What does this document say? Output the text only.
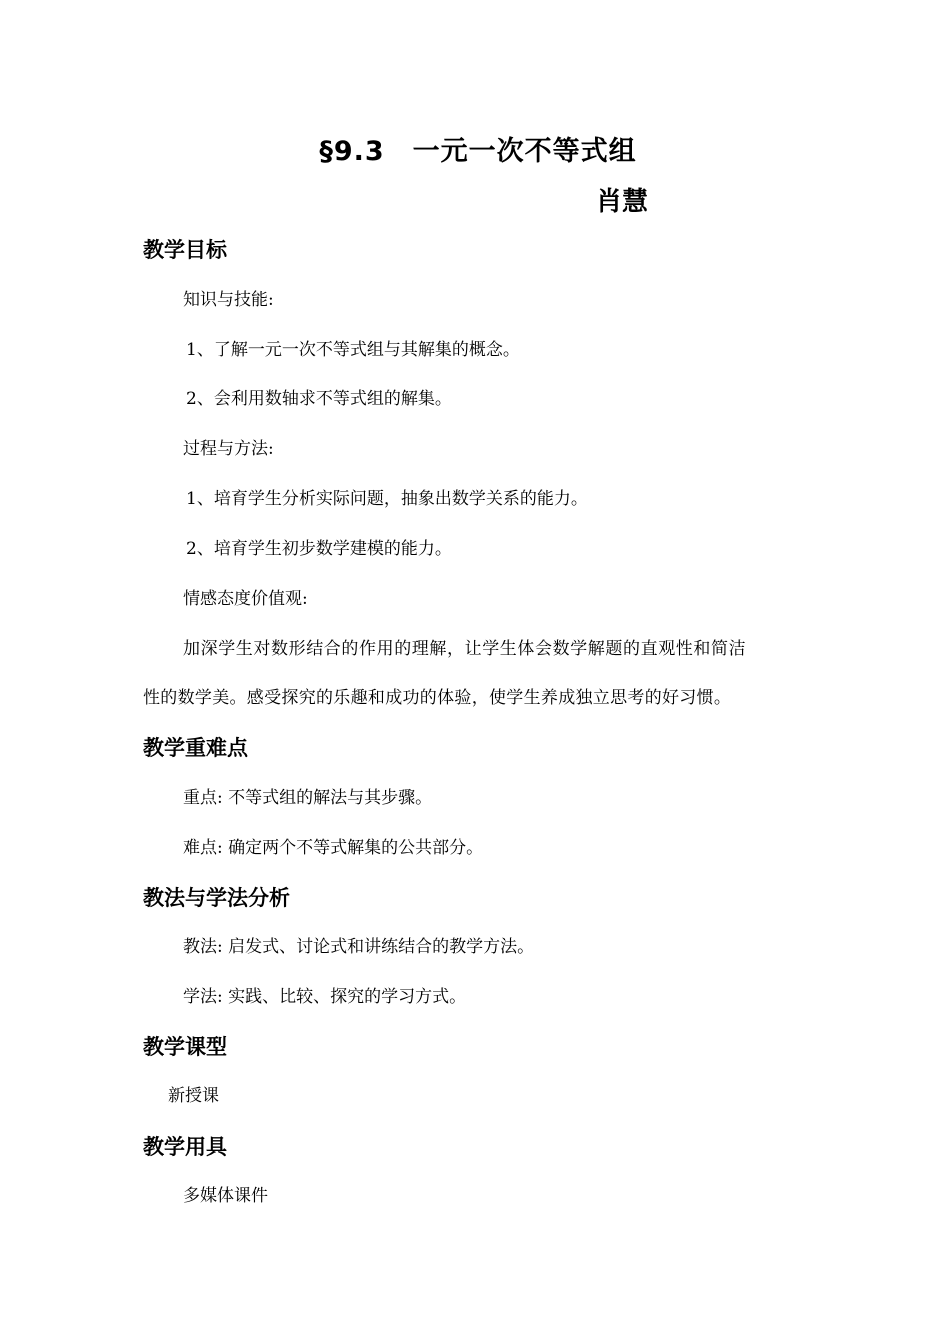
§9.3　一元一次不等式组
肖慧
教学目标
知识与技能:
1、了解一元一次不等式组与其解集的概念。
2、会利用数轴求不等式组的解集。
过程与方法:
1、培育学生分析实际问题，抽象出数学关系的能力。
2、培育学生初步数学建模的能力。
情感态度价值观:
加深学生对数形结合的作用的理解，让学生体会数学解题的直观性和简洁
性的数学美。感受探究的乐趣和成功的体验，使学生养成独立思考的好习惯。
教学重难点
重点: 不等式组的解法与其步骤。
难点: 确定两个不等式解集的公共部分。
教法与学法分析
教法: 启发式、讨论式和讲练结合的教学方法。
学法: 实践、比较、探究的学习方式。
教学课型
新授课
教学用具
多媒体课件
